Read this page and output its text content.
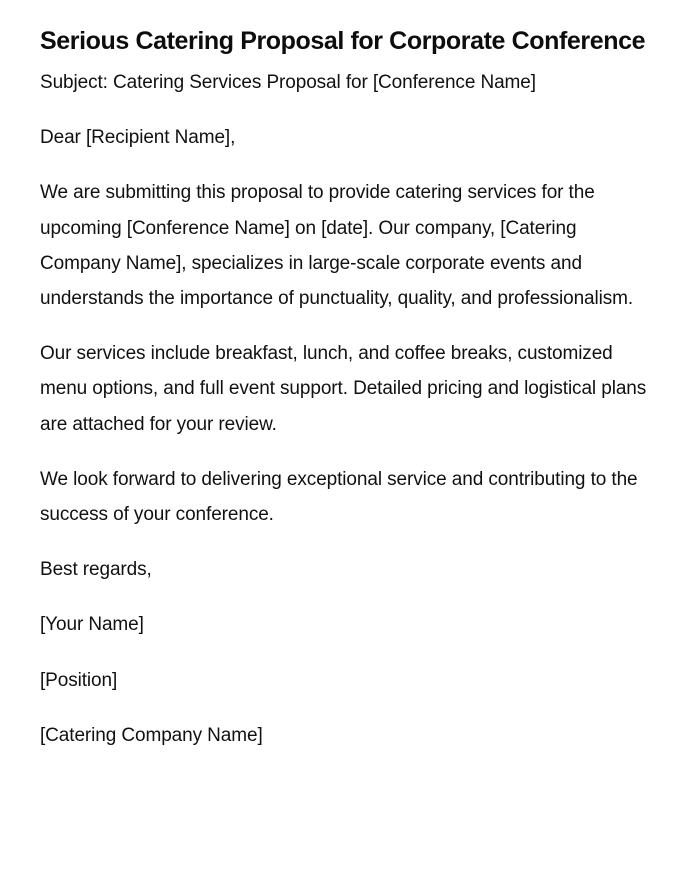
Serious Catering Proposal for Corporate Conference

Subject: Catering Services Proposal for [Conference Name]

Dear [Recipient Name],

We are submitting this proposal to provide catering services for the upcoming [Conference Name] on [date]. Our company, [Catering Company Name], specializes in large-scale corporate events and understands the importance of punctuality, quality, and professionalism.

Our services include breakfast, lunch, and coffee breaks, customized menu options, and full event support. Detailed pricing and logistical plans are attached for your review.

We look forward to delivering exceptional service and contributing to the success of your conference.

Best regards,

[Your Name]

[Position]

[Catering Company Name]
